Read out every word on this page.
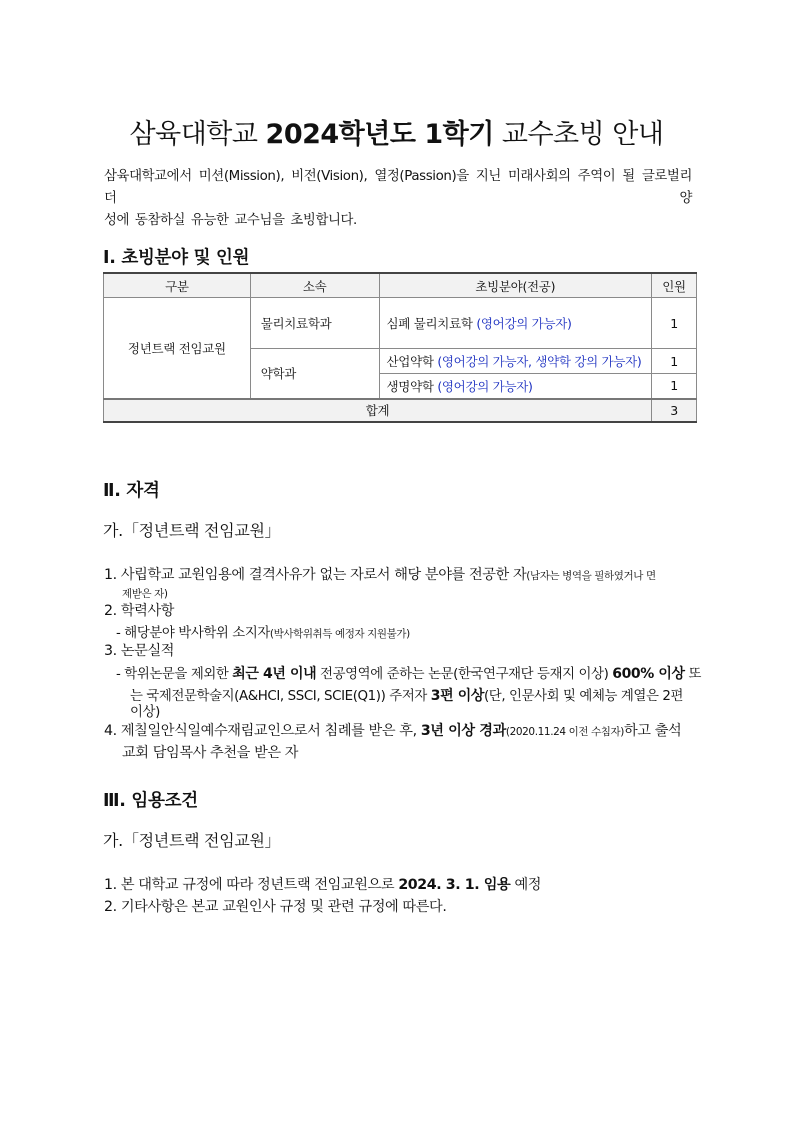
삼육대학교 2024학년도 1학기 교수초빙 안내
삼육대학교에서 미션(Mission), 비전(Vision), 열정(Passion)을 지닌 미래사회의 주역이 될 글로벌리더 양
성에 동참하실 유능한 교수님을 초빙합니다.
Ⅰ. 초빙분야 및 인원
구분	소속	초빙분야(전공)	인원
정년트랙 전임교원	물리치료학과	심폐 물리치료학 (영어강의 가능자)	1
	약학과	산업약학 (영어강의 가능자, 생약학 강의 가능자)	1
		생명약학 (영어강의 가능자)	1
합계			3
Ⅱ. 자격
가.「정년트랙 전임교원」
1. 사립학교 교원임용에 결격사유가 없는 자로서 해당 분야를 전공한 자(남자는 병역을 필하였거나 면
제받은 자)
2. 학력사항
- 해당분야 박사학위 소지자(박사학위취득 예정자 지원불가)
3. 논문실적
- 학위논문을 제외한 최근 4년 이내 전공영역에 준하는 논문(한국연구재단 등재지 이상) 600% 이상 또
는 국제전문학술지(A&HCI, SSCI, SCIE(Q1)) 주저자 3편 이상(단, 인문사회 및 예체능 계열은 2편
이상)
4. 제칠일안식일예수재림교인으로서 침례를 받은 후, 3년 이상 경과(2020.11.24 이전 수침자)하고 출석
교회 담임목사 추천을 받은 자
Ⅲ. 임용조건
가.「정년트랙 전임교원」
1. 본 대학교 규정에 따라 정년트랙 전임교원으로 2024. 3. 1. 임용 예정
2. 기타사항은 본교 교원인사 규정 및 관련 규정에 따른다.
